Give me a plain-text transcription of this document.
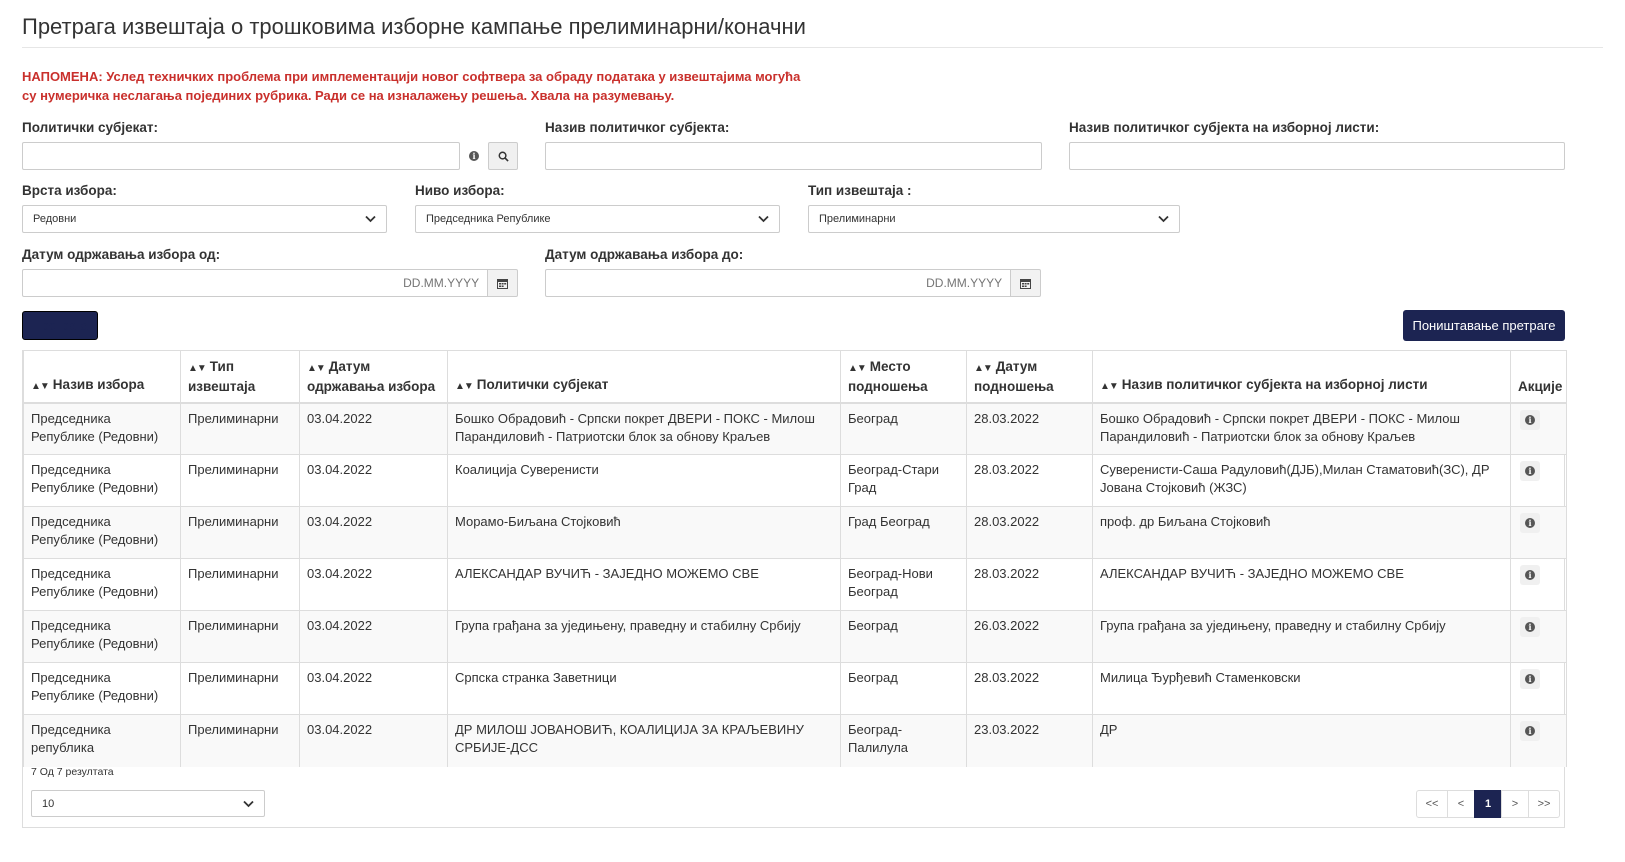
Претрага извештаја о трошковима изборне кампање прелиминарни/коначни
НАПОМЕНА: Услед техничких проблема при имплементацији новог софтвера за обраду података у извештајима могућа
су нумеричка неслагања појединих рубрика. Ради се на изналажењу решења. Хвала на разумевању.
Политички субјекат:
i
Назив политичког субјекта:	Назив политичког субјекта на изборној листи:
Врста избора:
Редовни
Ниво избора:
Председника Републике
Тип извештаја :
Прелиминарни
Датум одржавања избора од:
DD.MM.YYYY	Датум одржавања избора до:
DD.MM.YYYY
Претрага	Поништавање претраге
▲▼ Назив избора	▲▼ Тип извештаја	▲▼ Датум одржавања избора	▲▼ Политички субјекат	▲▼ Место подношења	▲▼ Датум подношења	▲▼ Назив политичког субјекта на изборној листи	Акције
Председника Републике (Редовни)	Прелиминарни	03.04.2022	Бошко Обрадовић - Српски покрет ДВЕРИ - ПОКС - Милош Парандиловић - Патриотски блок за обнову Краљев	Београд	28.03.2022	Бошко Обрадовић - Српски покрет ДВЕРИ - ПОКС - Милош Парандиловић - Патриотски блок за обнову Краљев	i

Председника Републике (Редовни)	Прелиминарни	03.04.2022	Коалиција Суверенисти	Београд-Стари Град	28.03.2022	Суверенисти-Саша Радуловић(ДЈБ),Милан Стаматовић(ЗС), ДР Јована Стојковић (ЖЗС)	i

Председника Републике (Редовни)	Прелиминарни	03.04.2022	Морамо-Биљана Стојковић	Град Београд	28.03.2022	проф. др Биљана Стојковић	i

Председника Републике (Редовни)	Прелиминарни	03.04.2022	АЛЕКСАНДАР ВУЧИЋ - ЗАЈЕДНО МОЖЕМО СВЕ	Београд-Нови Београд	28.03.2022	АЛЕКСАНДАР ВУЧИЋ - ЗАЈЕДНО МОЖЕМО СВЕ	i

Председника Републике (Редовни)	Прелиминарни	03.04.2022	Група грађана за уједињену, праведну и стабилну Србију	Београд	26.03.2022	Група грађана за уједињену, праведну и стабилну Србију	i

Председника Републике (Редовни)	Прелиминарни	03.04.2022	Српска странка Заветници	Београд	28.03.2022	Милица Ђурђевић Стаменковски	i

Председника република	Прелиминарни	03.04.2022	ДР МИЛОШ ЈОВАНОВИЋ, КОАЛИЦИЈА ЗА КРАЉЕВИНУ СРБИЈЕ-ДСС	Београд-Палилула	23.03.2022	ДР	i
7 Од 7 резултата
10	<<	<	1	>	>>
